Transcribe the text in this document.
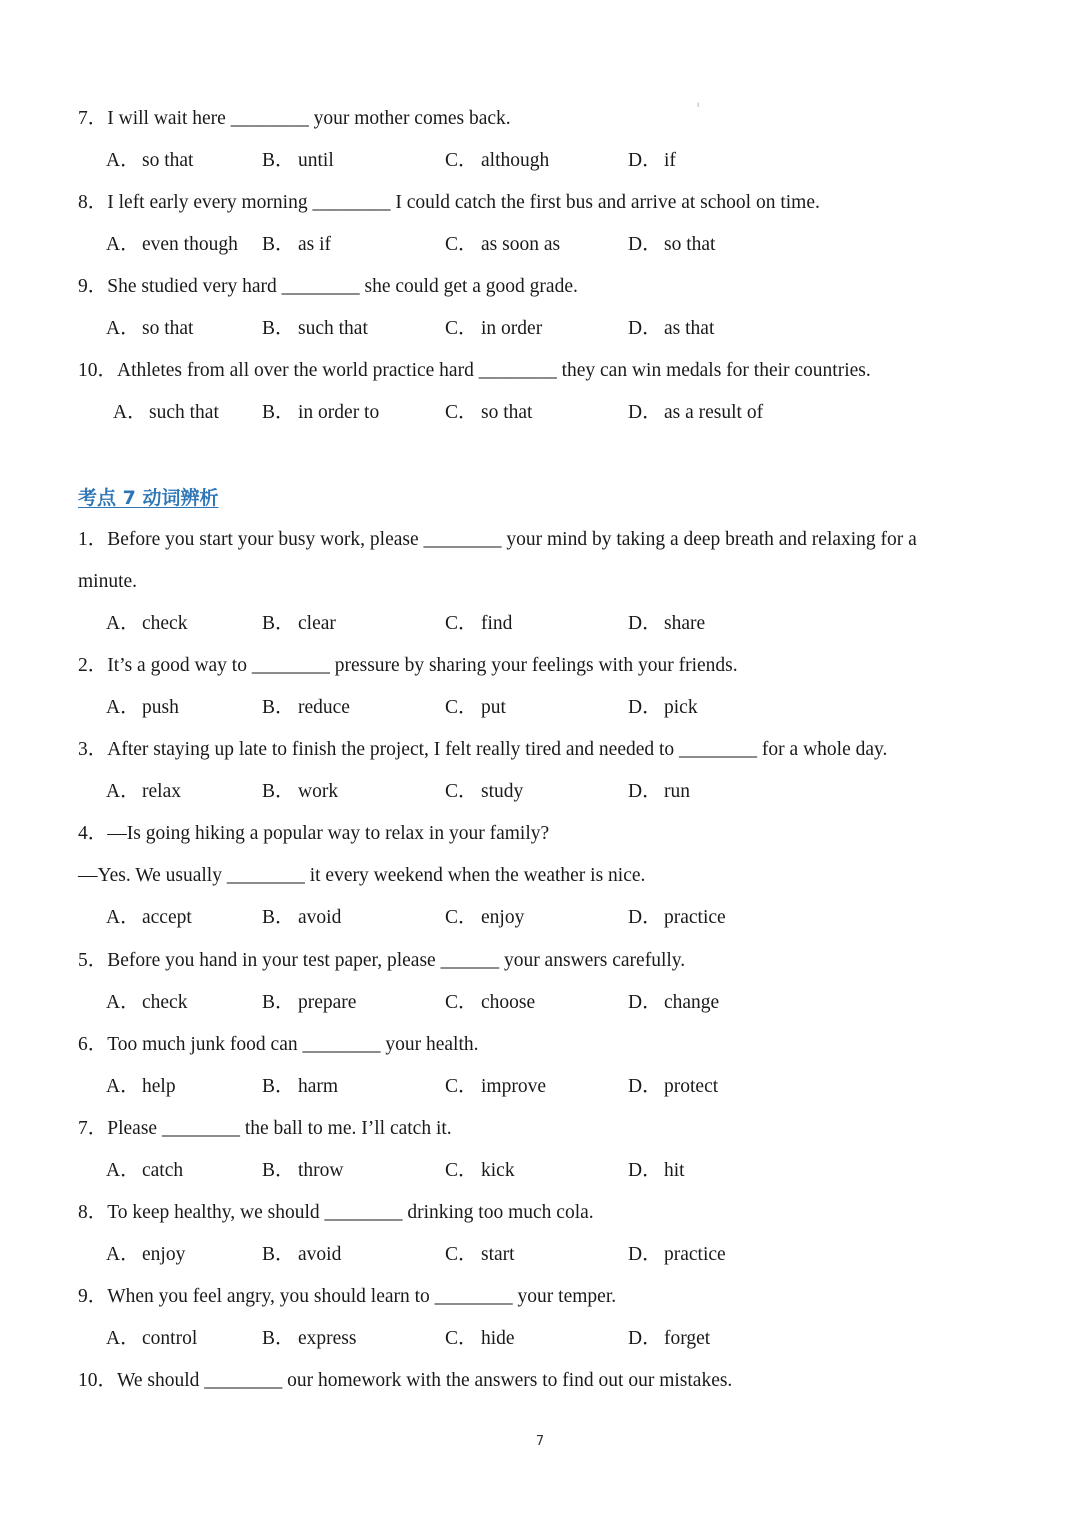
ı
7．I will wait here ________ your mother comes back.
A． so that	B． until	C． although	D． if
8．I left early every morning ________ I could catch the first bus and arrive at school on time.
A． even though B． as if	C． as soon as	D． so that
9．She studied very hard ________ she could get a good grade.
A． so that	B． such that	C． in order	D． as that
10．Athletes from all over the world practice hard ________ they can win medals for their countries.
A． such that B． in order to	C． so that	D． as a result of
考点 7 动词辨析
1．Before you start your busy work, please ________ your mind by taking a deep breath and relaxing for a
minute.
A． check	B． clear	C． find	D． share
2．It’s a good way to ________ pressure by sharing your feelings with your friends.
A． push	B． reduce	C． put	D． pick
3．After staying up late to finish the project, I felt really tired and needed to ________ for a whole day.
A． relax	B． work	C． study	D． run
4．—Is going hiking a popular way to relax in your family?
—Yes. We usually ________ it every weekend when the weather is nice.
A． accept	B． avoid	C． enjoy	D． practice
5．Before you hand in your test paper, please ______ your answers carefully.
A． check	B． prepare	C． choose	D． change
6．Too much junk food can ________ your health.
A． help	B． harm	C． improve	D． protect
7．Please ________ the ball to me. I’ll catch it.
A． catch	B． throw	C． kick	D． hit
8．To keep healthy, we should ________ drinking too much cola.
A． enjoy	B． avoid	C． start	D． practice
9．When you feel angry, you should learn to ________ your temper.
A． control	B． express	C． hide	D． forget
10．We should ________ our homework with the answers to find out our mistakes.
7
